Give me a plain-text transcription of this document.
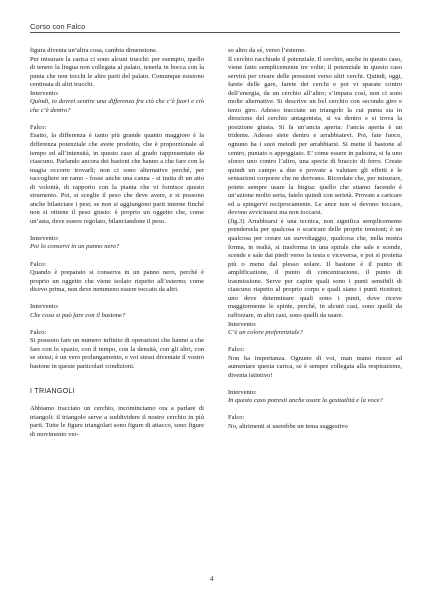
Corso con Falco

figura diventa un’altra cosa, cambia dimensione.

Per misurare la carica ci sono alcuni trucchi: per esempio, quello di tenere la lingua non collegata al palato, tenerla in bocca con la punta che non tocchi le altre parti del palato. Comunque esistono centinaia di altri trucchi.

Intervento:

Quindi, io dovrei sentire una differenza fra ciò che c’è fuori e ciò che c’è dentro?

Falco:

Esatto, la differenza è tanto più grande quanto maggiore è la differenza potenziale che avete prodotto, che è proporzionale al tempo ed all’intensità, in questo caso al grado rappresentato da ciascuno. Parlando ancora dei bastoni che hanno a che fare con la magia occorre trovarli; non ci sono alternative perché, per raccogliere un ramo - fosse anche una canna - si tratta di un atto di volontà, di rapporto con la pianta che vi fornisce questo strumento. Poi, si sceglie il peso che deve avere, e si possono anche bilanciare i pesi; se non si aggiungono parti interne finché non si ottiene il peso giusto: è proprio un oggetto che, come un’asta, deve essere regolato, bilanciandone il peso.

Intervento:

Poi lo conservi in un panno nero?

Falco:

Quando è preparato si conserva in un panno nero, perché è proprio un oggetto che viene isolato rispetto all’esterno; come dicevo prima, non deve nemmeno essere toccato da altri.

Intervento:

Che cosa si può fare con il bastone?

Falco:

Si possono fare un numero infinito di operazioni che hanno a che fare con lo spazio, con il tempo, con la densità, con gli altri, con se stessi; è un vero prolungamento, e voi stessi diventate il vostro bastone in queste particolari condizioni.

I TRIANGOLI

Abbiamo tracciato un cerchio, incominciamo ora a parlare di triangoli: il triangolo serve a suddividere il nostro cerchio in più parti. Tutte le figure triangolari sono figure di attacco, sono figure di movimento ver-

so altro da sé, verso l’esterno.

Il cerchio racchiude il potenziale. Il cerchio, anche in questo caso, viene fatto semplicemente tre volte; il potenziale in questo caso servirà per creare delle pressioni verso altri cerchi. Quindi, oggi, farete delle gare, farete dei cerchi e poi vi sparate contro dell’energia, da un cerchio all’altro; s’impara così, non ci sono molte alternative. Si descrive un bel cerchio con secondo giro e terzo giro. Adesso tracciate un triangolo la cui punta sia in direzione del cerchio antagonista, si va dentro e si trova la posizione giusta. Si fa un’ancia aperta: l’ancia aperta è un tridente. Adesso siete dentro e arrabbiatevi. Poi, fate fuoco, ognuno ha i suoi metodi per arrabbiarsi. Si mette il bastone al centro, puntato o appoggiato. E’ come essere in palestra, si fa uno sforzo uno contro l’altro, una specie di braccio di ferro. Create quindi un campo a due e provate a valutare gli effetti e le sensazioni corporee che ne derivano. Ricordate che, per misurare, potete sempre usare la lingua: quello che stiamo facendo è un’azione molto seria, fatelo quindi con serietà. Provate a caricare ed a spingervi reciprocamente. Le ance non si devono toccare, devono avvicinarsi ma non toccarsi.

(fig.3) Arrabbiarsi è una tecnica, non significa semplicemente prendersela per qualcosa o scaricare delle proprie tensioni; è un qualcosa per creare un survoltaggio, qualcosa che, nella nostra forma, in realtà, si trasforma in una spirale che sale e scende, scende e sale dai piedi verso la testa e viceversa, e poi si proietta più o meno dal plesso solare. Il bastone è il punto di amplificazione, il punto di concentrazione, il punto di trasmissione. Serve per capire quali sono i punti sensibili di ciascuno rispetto al proprio corpo e quali siano i punti ricettori; uno deve determinare quali sono i punti, dove riceve maggiormente le spinte, perché, in alcuni casi, sono quelli da rafforzare, in altri casi, sono quelli da usare.

Intervento:

C’è un colore preferenziale?

Falco:

Non ha importanza. Ognuno di voi, man mano riesce ad aumentare questa carica, se è sempre collegata alla respirazione, diventa istintivo!

Intervento:

In questo caso potresti anche usare la gestualità e la voce?

Falco:

No, altrimenti si userebbe un tema suggestivo

4
